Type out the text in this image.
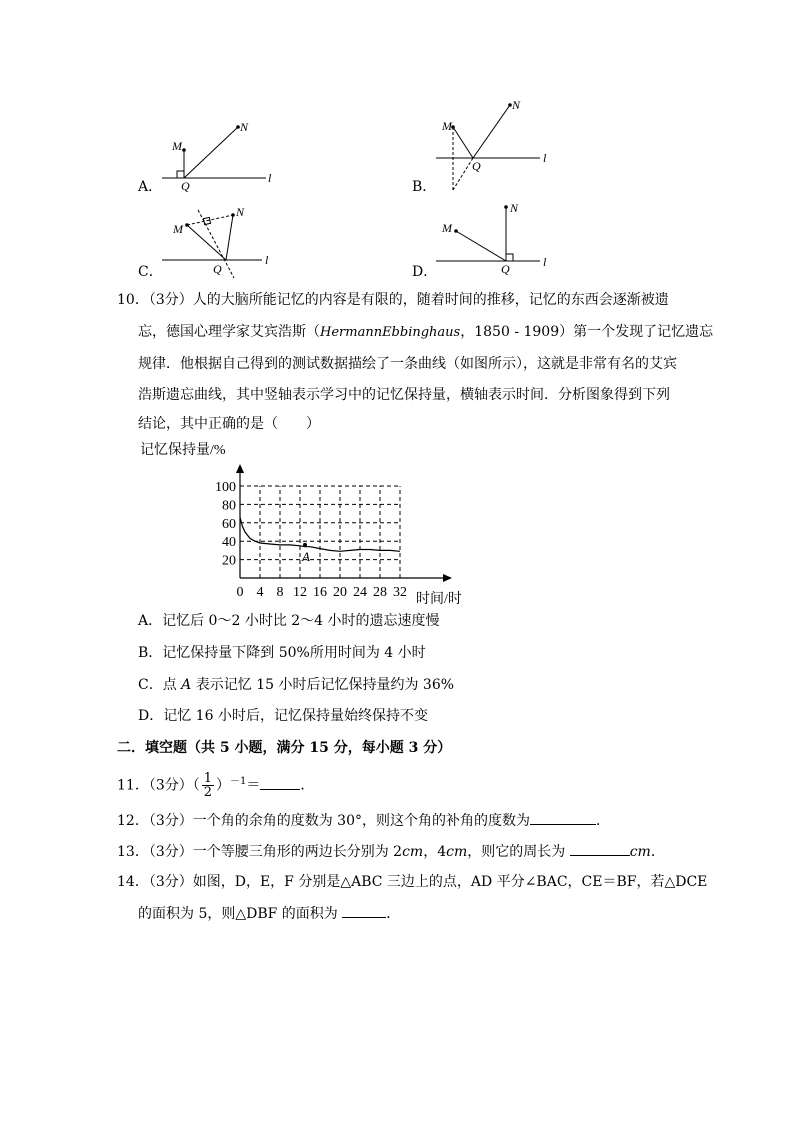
M
N
Q
l
M
N
Q
l
M
N
Q
l
M
N
Q	l
A．	B．
C．	D．
10．（3分）人的大脑所能记忆的内容是有限的，随着时间的推移，记忆的东西会逐渐被遗
忘，德国心理学家艾宾浩斯（HermannEbbinghaus，1850 - 1909）第一个发现了记忆遗忘
规律．他根据自己得到的测试数据描绘了一条曲线（如图所示），这就是非常有名的艾宾
浩斯遗忘曲线，其中竖轴表示学习中的记忆保持量，横轴表示时间．分析图象得到下列
结论，其中正确的是（　　）
0 4 8 12 16 20 24 28 32
20
40
60
80
100
A
记忆保持量/%
时间/时
A．记忆后 0～2 小时比 2～4 小时的遗忘速度慢
B．记忆保持量下降到 50%所用时间为 4 小时
C．点 A 表示记忆 15 小时后记忆保持量约为 36%
D．记忆 16 小时后，记忆保持量始终保持不变
二．填空题（共 5 小题，满分 15 分，每小题 3 分）
11．（3分）（ $\frac{1}{2} )^{-1}=$	．
12．（3分）一个角的余角的度数为 30°，则这个角的补角的度数为	．
13．（3分）一个等腰三角形的两边长分别为 2cm，4cm，则它的周长为	cm．
14．（3分）如图，D，E，F 分别是△ABC 三边上的点，AD 平分∠BAC，CE＝BF，若△DCE
的面积为 5，则△DBF 的面积为	．
